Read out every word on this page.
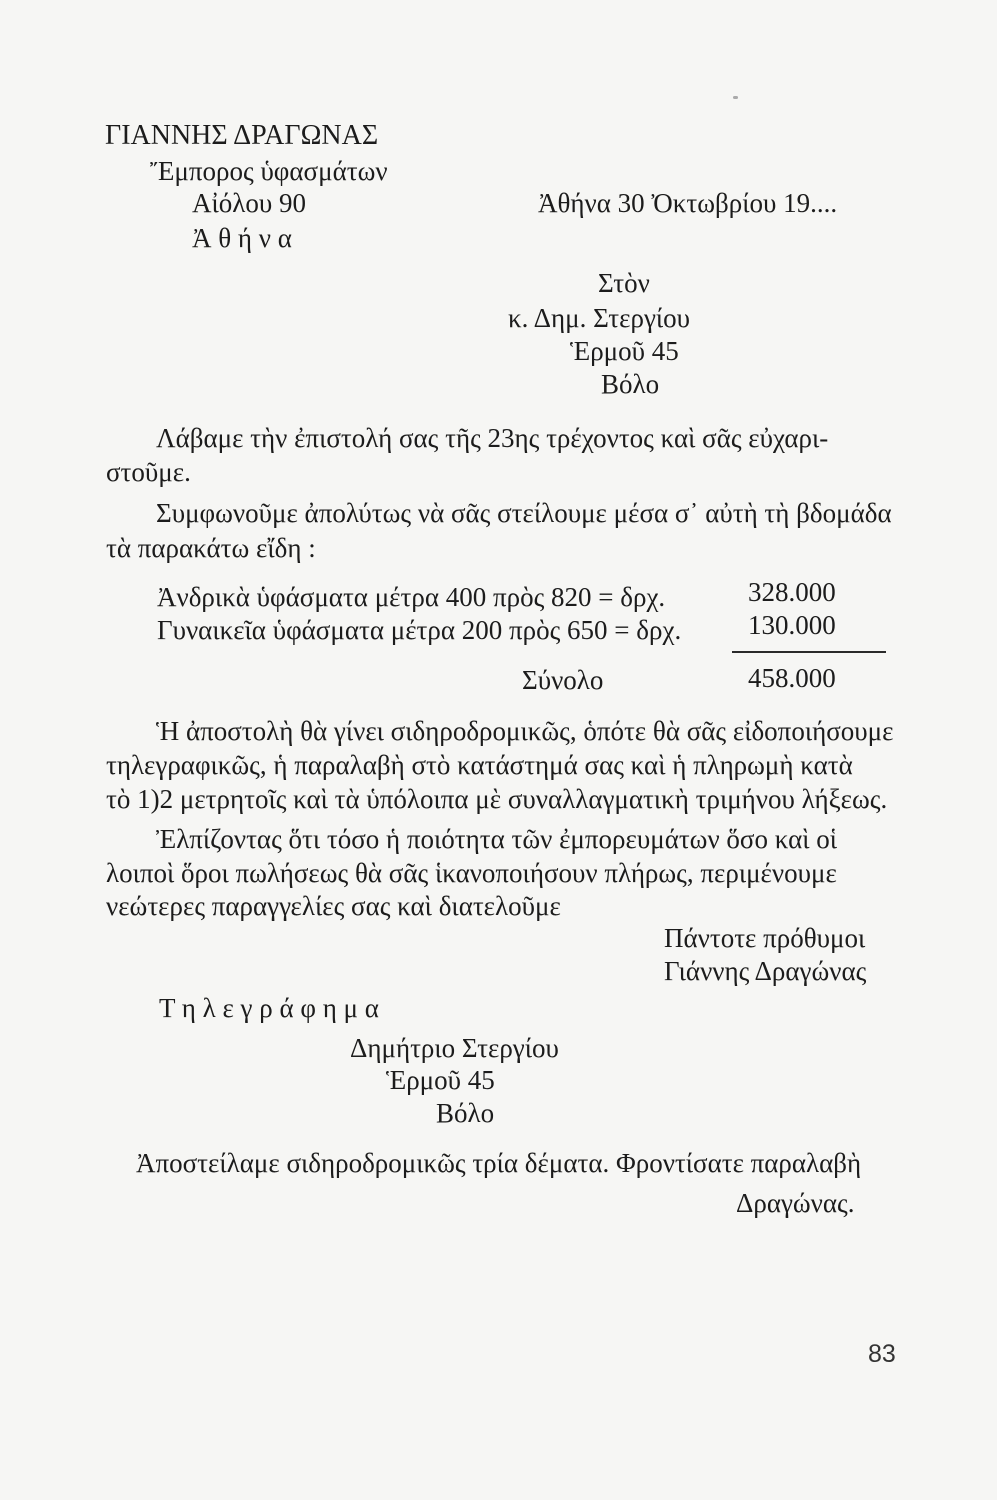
ΓΙΑΝΝΗΣ ΔΡΑΓΩΝΑΣ
Ἔμπορος ὑφασμάτων
Αἰόλου 90
Ἀ θ ή ν α
Ἀθήνα 30 Ὀκτωβρίου 19....
Στὸν
κ. Δημ. Στεργίου
Ἑρμοῦ 45
Βόλο
Λάβαμε τὴν ἐπιστολή σας τῆς 23ης τρέχοντος καὶ σᾶς εὐχαρι-
στοῦμε.
Συμφωνοῦμε ἀπολύτως νὰ σᾶς στείλουμε μέσα σ᾽ αὐτὴ τὴ βδομάδα
τὰ παρακάτω εἴδη :
Ἀνδρικὰ ὑφάσματα μέτρα 400 πρὸς 820 = δρχ.	328.000
Γυναικεῖα ὑφάσματα μέτρα 200 πρὸς 650 = δρχ. 130.000
Σύνολο	458.000
Ἡ ἀποστολὴ θὰ γίνει σιδηροδρομικῶς, ὁπότε θὰ σᾶς εἰδοποιήσουμε
τηλεγραφικῶς, ἡ παραλαβὴ στὸ κατάστημά σας καὶ ἡ πληρωμὴ κατὰ
τὸ 1)2 μετρητοῖς καὶ τὰ ὑπόλοιπα μὲ συναλλαγματικὴ τριμήνου λήξεως.
Ἐλπίζοντας ὅτι τόσο ἡ ποιότητα τῶν ἐμπορευμάτων ὅσο καὶ οἱ
λοιποὶ ὅροι πωλήσεως θὰ σᾶς ἱκανοποιήσουν πλήρως, περιμένουμε
νεώτερες παραγγελίες σας καὶ διατελοῦμε
Πάντοτε πρόθυμοι
Γιάννης Δραγώνας
Τ η λ ε γ ρ ά φ η μ α
Δημήτριο Στεργίου
Ἑρμοῦ 45
Βόλο
Ἀποστείλαμε σιδηροδρομικῶς τρία δέματα. Φροντίσατε παραλαβὴ
Δραγώνας.
83
